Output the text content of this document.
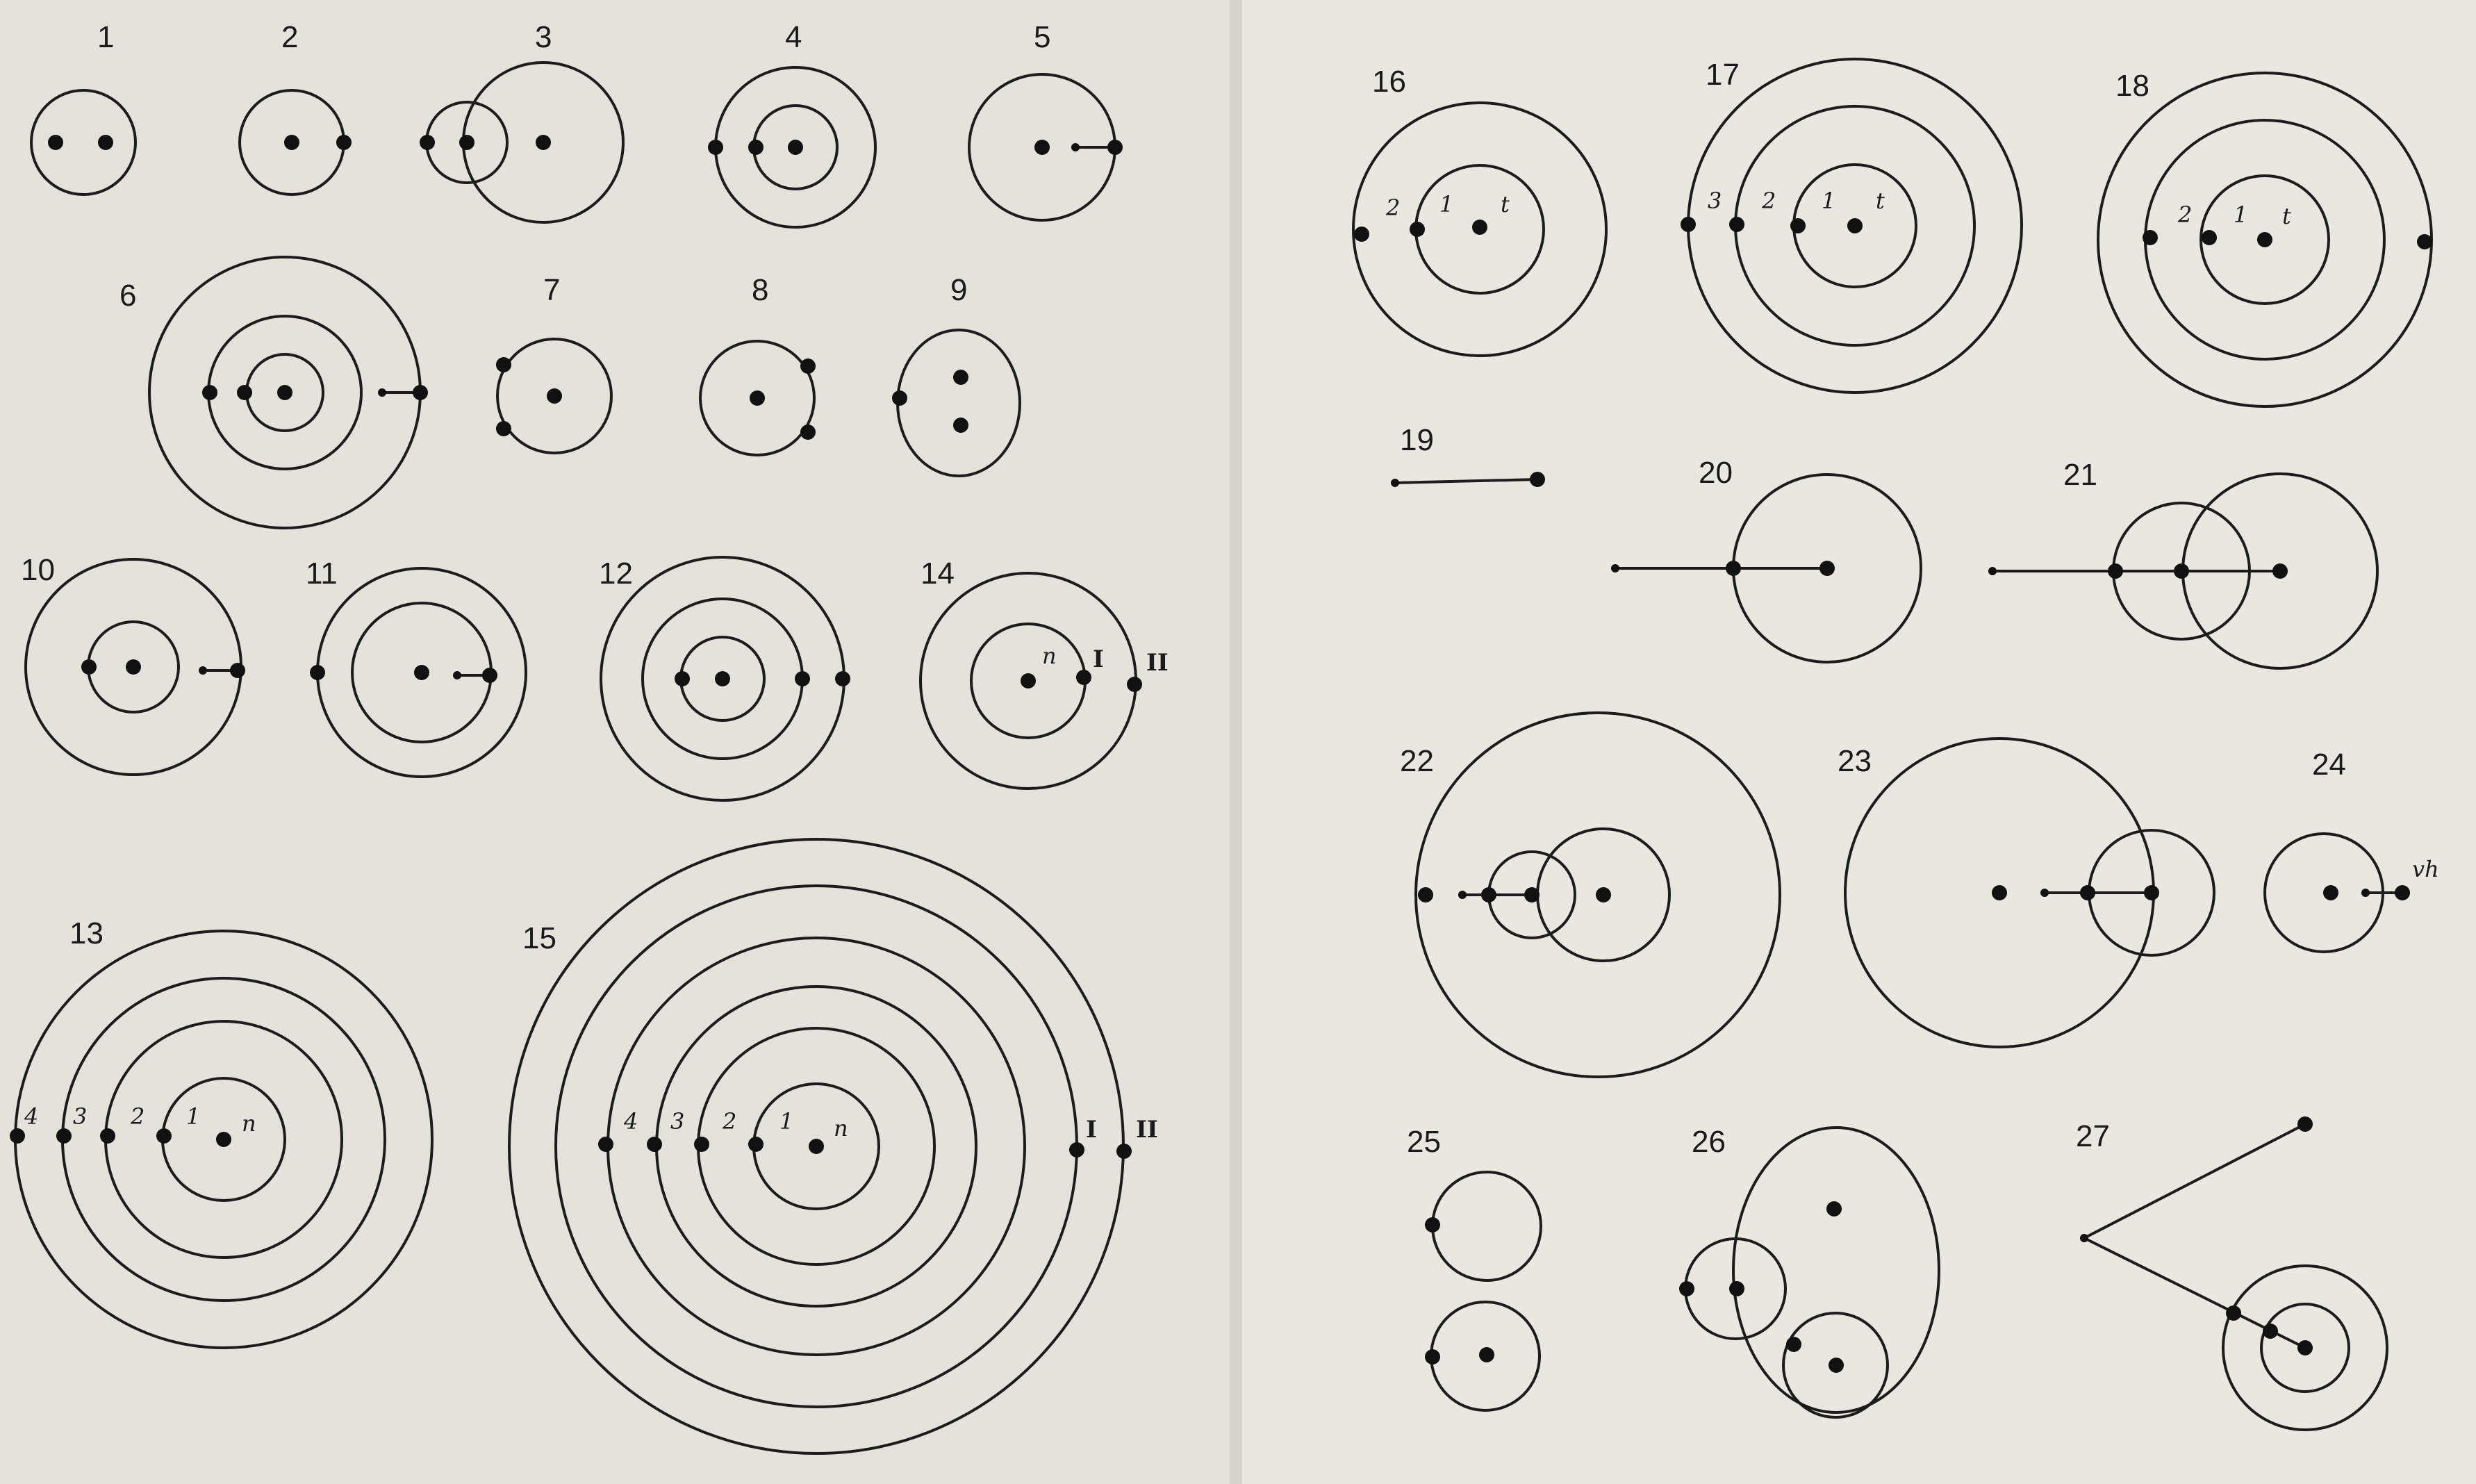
1	2	3	4	5
6	7	8	9
10	11	12	14
n I II
13
4 3 2 1 n
15
4 3 2 1 n	I II
16
2 1 t
17
3 2 1 t
18
2 1 t
19
20	21
22	23	24
vh
25	26	27
